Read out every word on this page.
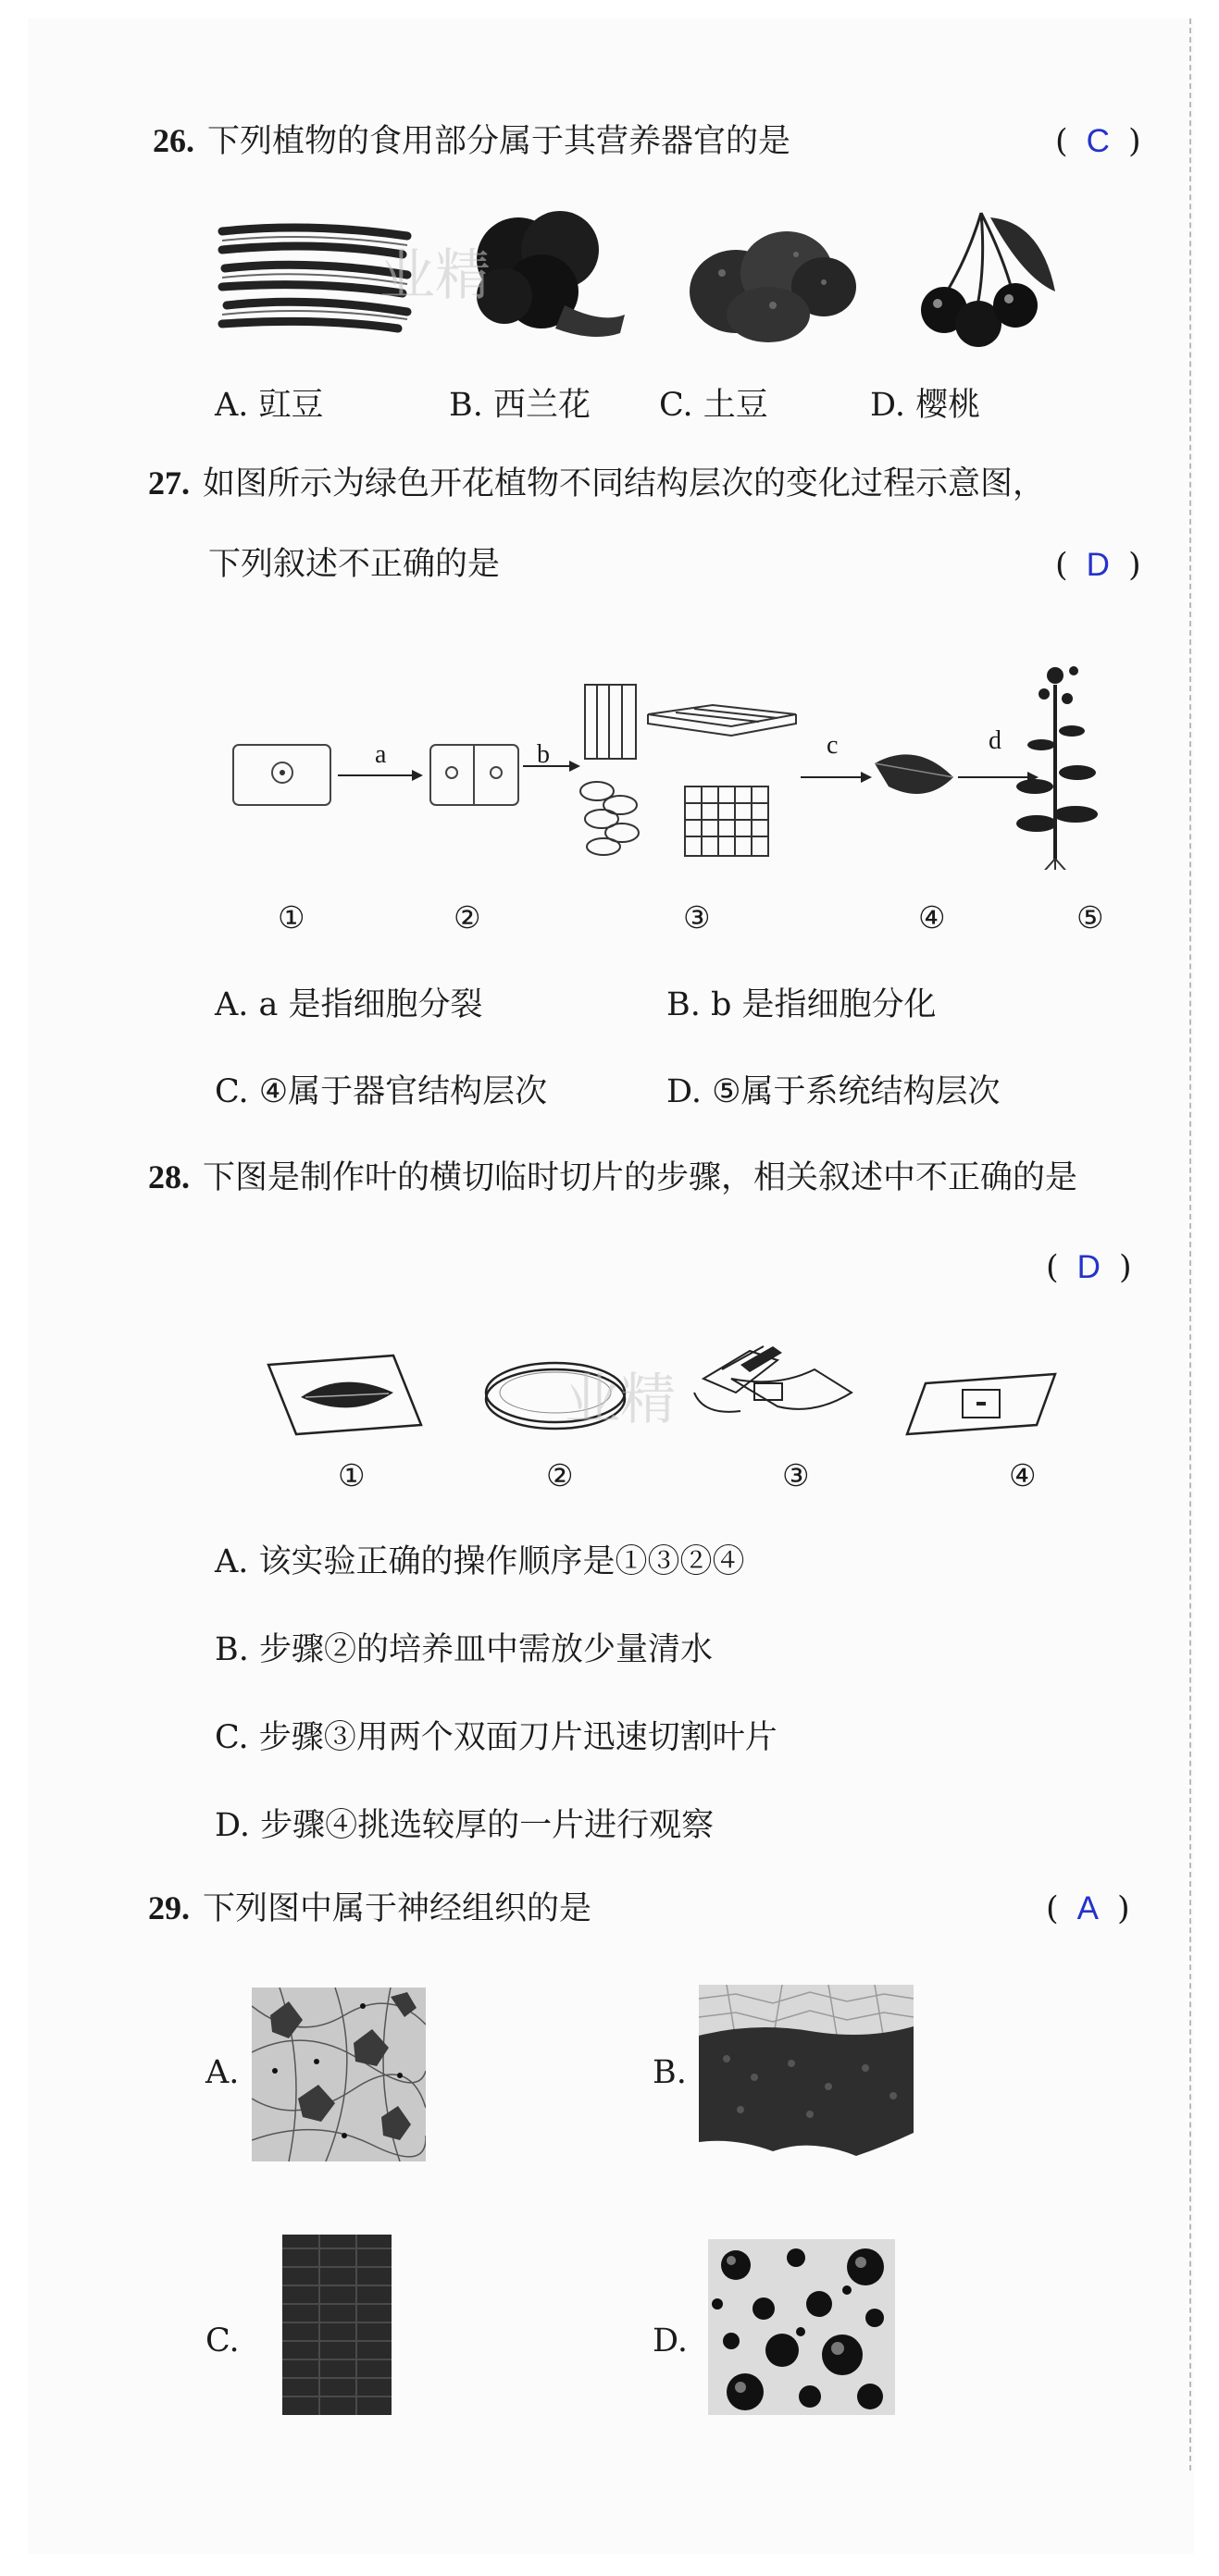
26. 下列植物的食用部分属于其营养器官的是	( C )
业精
A. 豇豆	B. 西兰花 C. 土豆	D. 樱桃
27. 如图所示为绿色开花植物不同结构层次的变化过程示意图，
下列叙述不正确的是	( D )
a	b	c	d
①	②	③	④	⑤
A. a 是指细胞分裂	B. b 是指细胞分化
C. ④属于器官结构层次	D. ⑤属于系统结构层次
28. 下图是制作叶的横切临时切片的步骤，相关叙述中不正确的是
( D )
业精
①	②	③	④
A. 该实验正确的操作顺序是①③②④
B. 步骤②的培养皿中需放少量清水
C. 步骤③用两个双面刀片迅速切割叶片
D. 步骤④挑选较厚的一片进行观察
29. 下列图中属于神经组织的是	( A )
A.	B.
C.	D.
